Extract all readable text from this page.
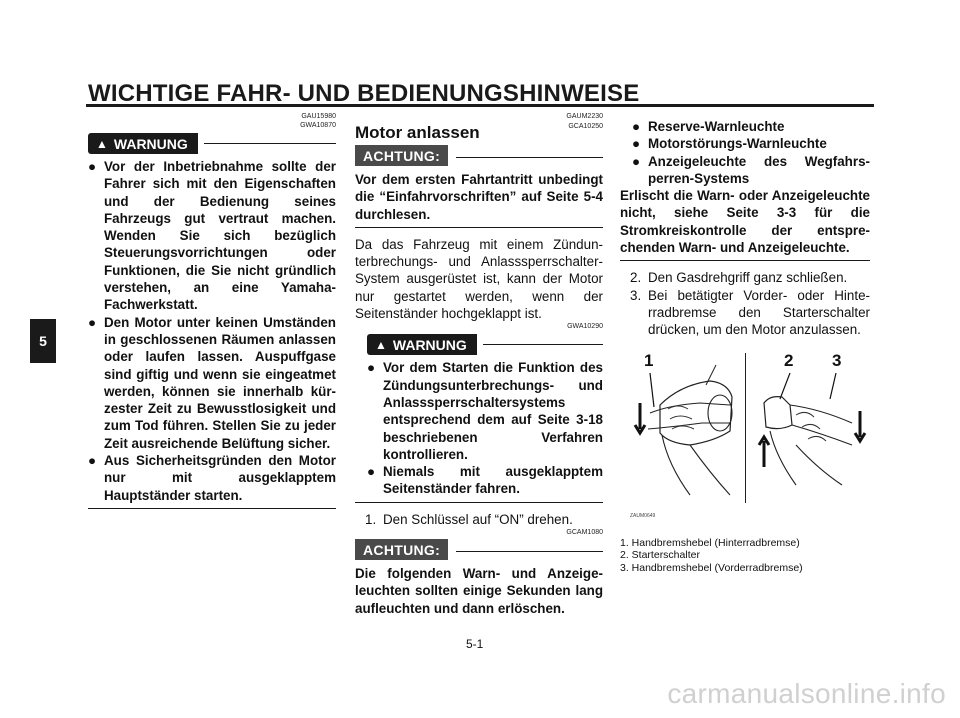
WICHTIGE FAHR- UND BEDIENUNGSHINWEISE
5
GAU15980
GWA10870
▲ WARNUNG
● Vor der Inbetriebnahme sollte der Fahrer sich mit den Eigenschaften und der Bedienung seines Fahrzeugs gut vertraut machen. Wenden Sie sich bezüglich Steuerungsvorrichtungen oder Funktionen, die Sie nicht gründlich verstehen, an eine Yamaha-Fachwerkstatt.
● Den Motor unter keinen Umständen in geschlossenen Räumen anlassen oder laufen lassen. Auspuffgase sind giftig und wenn sie eingeatmet werden, können sie innerhalb kürzester Zeit zu Bewusstlosigkeit und zum Tod führen. Stellen Sie zu jeder Zeit ausreichende Belüftung sicher.
● Aus Sicherheitsgründen den Motor nur mit ausgeklapptem Hauptständer starten.
GAUM2230
Motor anlassen	GCA10250
ACHTUNG:

Vor dem ersten Fahrtantritt unbedingt die “Einfahrvorschriften” auf Seite 5-4 durchlesen.

Da das Fahrzeug mit einem Zündunterbrechungs- und Anlasssperrschalter-System ausgerüstet ist, kann der Motor nur gestartet werden, wenn der Seitenständer hochgeklappt ist.

GWA10290
▲ WARNUNG
● Vor dem Starten die Funktion des Zündungsunterbrechungs- und Anlasssperrschaltersystems entsprechend dem auf Seite 3-18 beschriebenen Verfahren kontrollieren.
● Niemals mit ausgeklapptem Seitenständer fahren.
1. Den Schlüssel auf “ON” drehen.
GCAM1080
ACHTUNG:

Die folgenden Warn- und Anzeigeleuchten sollten einige Sekunden lang aufleuchten und dann erlöschen.

● Reserve-Warnleuchte
● Motorstörungs-Warnleuchte
● Anzeigeleuchte des Wegfahrsperren-Systems

Erlischt die Warn- oder Anzeigeleuchte nicht, siehe Seite 3-3 für die Stromkreiskontrolle der entsprechenden Warn- und Anzeigeleuchte.

2. Den Gasdrehgriff ganz schließen.
3. Bei betätigter Vorder- oder Hinterradbremse den Starterschalter drücken, um den Motor anzulassen.
1	2 3
ZAUM0649
1. Handbremshebel (Hinterradbremse)
2. Starterschalter
3. Handbremshebel (Vorderradbremse)
5-1
carmanualsonline.info
